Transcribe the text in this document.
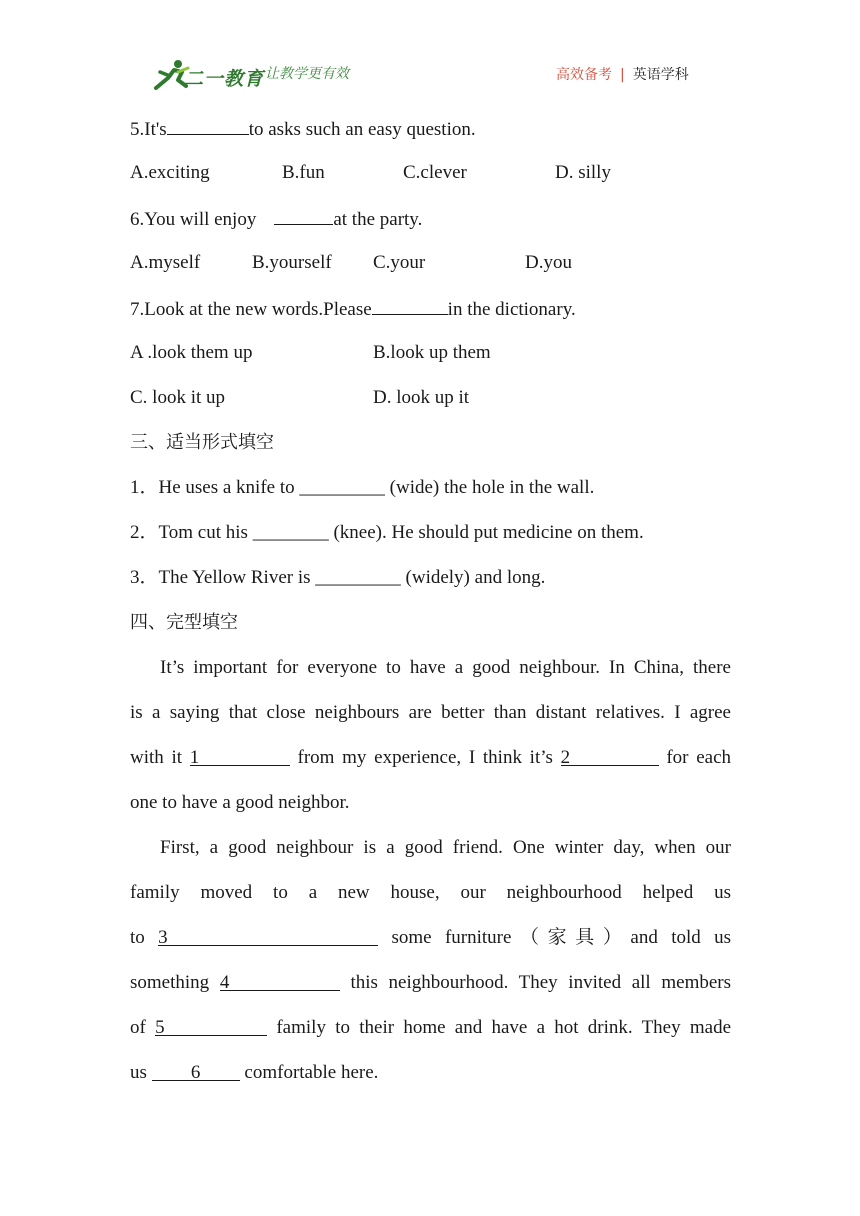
二一教育 让教学更有效	高效备考 | 英语学科
5.It's	to asks such an easy question.
A.exciting	B.fun	C.clever	D. silly
6.You will enjoy	at the party.
A.myself	B.yourself C.your	D.you
7.Look at the new words.Please	in the dictionary.
A .look them up	B.look up them
C. look it up	D. look up it
三、适当形式填空
1．He uses a knife to _________ (wide) the hole in the wall.
2．Tom cut his ________ (knee). He should put medicine on them.
3．The Yellow River is _________ (widely) and long.
四、完型填空
It’s important for everyone to have a good neighbour. In China, there
is a saying that close neighbours are better than distant relatives. I agree
with it 1	from my experience, I think it’s 2	for each
one to have a good neighbor.
First, a good neighbour is a good friend. One winter day, when our
family moved to a new house, our neighbourhood helped us
to 3	some furniture（家具）and told us
something 4	this neighbourhood. They invited all members
of 5	family to their home and have a hot drink. They made
us 6 comfortable here.
